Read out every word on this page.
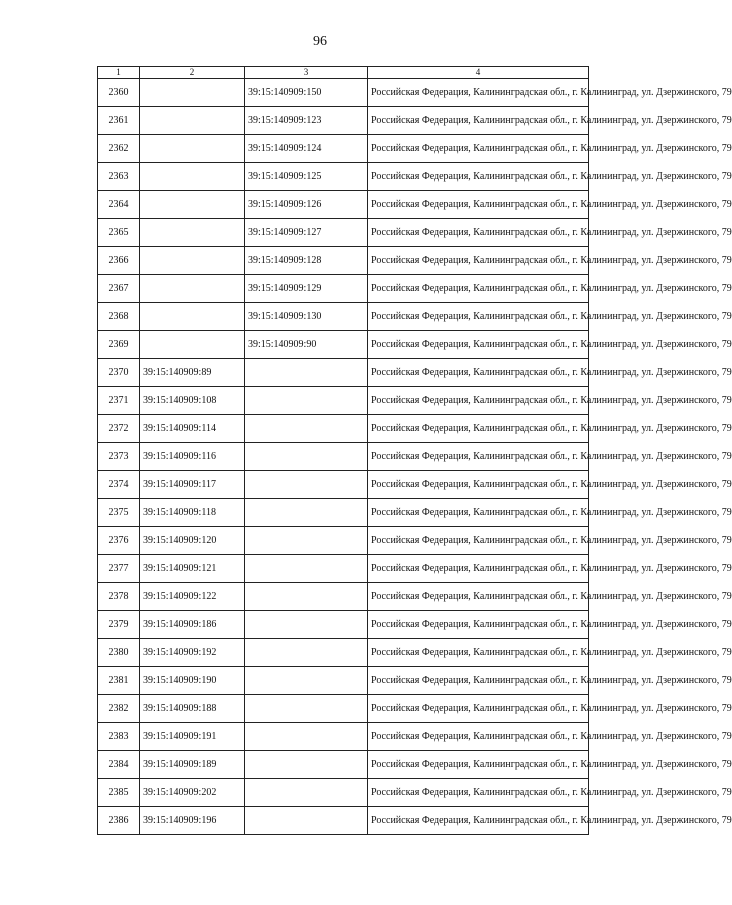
96
1	2	3	4
2360		39:15:140909:150	Российская Федерация, Калининградская обл., г. Калининград, ул. Дзержинского, 79
2361		39:15:140909:123	Российская Федерация, Калининградская обл., г. Калининград, ул. Дзержинского, 79
2362		39:15:140909:124	Российская Федерация, Калининградская обл., г. Калининград, ул. Дзержинского, 79
2363		39:15:140909:125	Российская Федерация, Калининградская обл., г. Калининград, ул. Дзержинского, 79
2364		39:15:140909:126	Российская Федерация, Калининградская обл., г. Калининград, ул. Дзержинского, 79
2365		39:15:140909:127	Российская Федерация, Калининградская обл., г. Калининград, ул. Дзержинского, 79
2366		39:15:140909:128	Российская Федерация, Калининградская обл., г. Калининград, ул. Дзержинского, 79
2367		39:15:140909:129	Российская Федерация, Калининградская обл., г. Калининград, ул. Дзержинского, 79
2368		39:15:140909:130	Российская Федерация, Калининградская обл., г. Калининград, ул. Дзержинского, 79
2369		39:15:140909:90	Российская Федерация, Калининградская обл., г. Калининград, ул. Дзержинского, 79
2370	39:15:140909:89		Российская Федерация, Калининградская обл., г. Калининград, ул. Дзержинского, 79
2371	39:15:140909:108		Российская Федерация, Калининградская обл., г. Калининград, ул. Дзержинского, 79
2372	39:15:140909:114		Российская Федерация, Калининградская обл., г. Калининград, ул. Дзержинского, 79
2373	39:15:140909:116		Российская Федерация, Калининградская обл., г. Калининград, ул. Дзержинского, 79
2374	39:15:140909:117		Российская Федерация, Калининградская обл., г. Калининград, ул. Дзержинского, 79
2375	39:15:140909:118		Российская Федерация, Калининградская обл., г. Калининград, ул. Дзержинского, 79
2376	39:15:140909:120		Российская Федерация, Калининградская обл., г. Калининград, ул. Дзержинского, 79
2377	39:15:140909:121		Российская Федерация, Калининградская обл., г. Калининград, ул. Дзержинского, 79
2378	39:15:140909:122		Российская Федерация, Калининградская обл., г. Калининград, ул. Дзержинского, 79
2379	39:15:140909:186		Российская Федерация, Калининградская обл., г. Калининград, ул. Дзержинского, 79
2380	39:15:140909:192		Российская Федерация, Калининградская обл., г. Калининград, ул. Дзержинского, 79
2381	39:15:140909:190		Российская Федерация, Калининградская обл., г. Калининград, ул. Дзержинского, 79
2382	39:15:140909:188		Российская Федерация, Калининградская обл., г. Калининград, ул. Дзержинского, 79
2383	39:15:140909:191		Российская Федерация, Калининградская обл., г. Калининград, ул. Дзержинского, 79
2384	39:15:140909:189		Российская Федерация, Калининградская обл., г. Калининград, ул. Дзержинского, 79
2385	39:15:140909:202		Российская Федерация, Калининградская обл., г. Калининград, ул. Дзержинского, 79
2386	39:15:140909:196		Российская Федерация, Калининградская обл., г. Калининград, ул. Дзержинского, 79
